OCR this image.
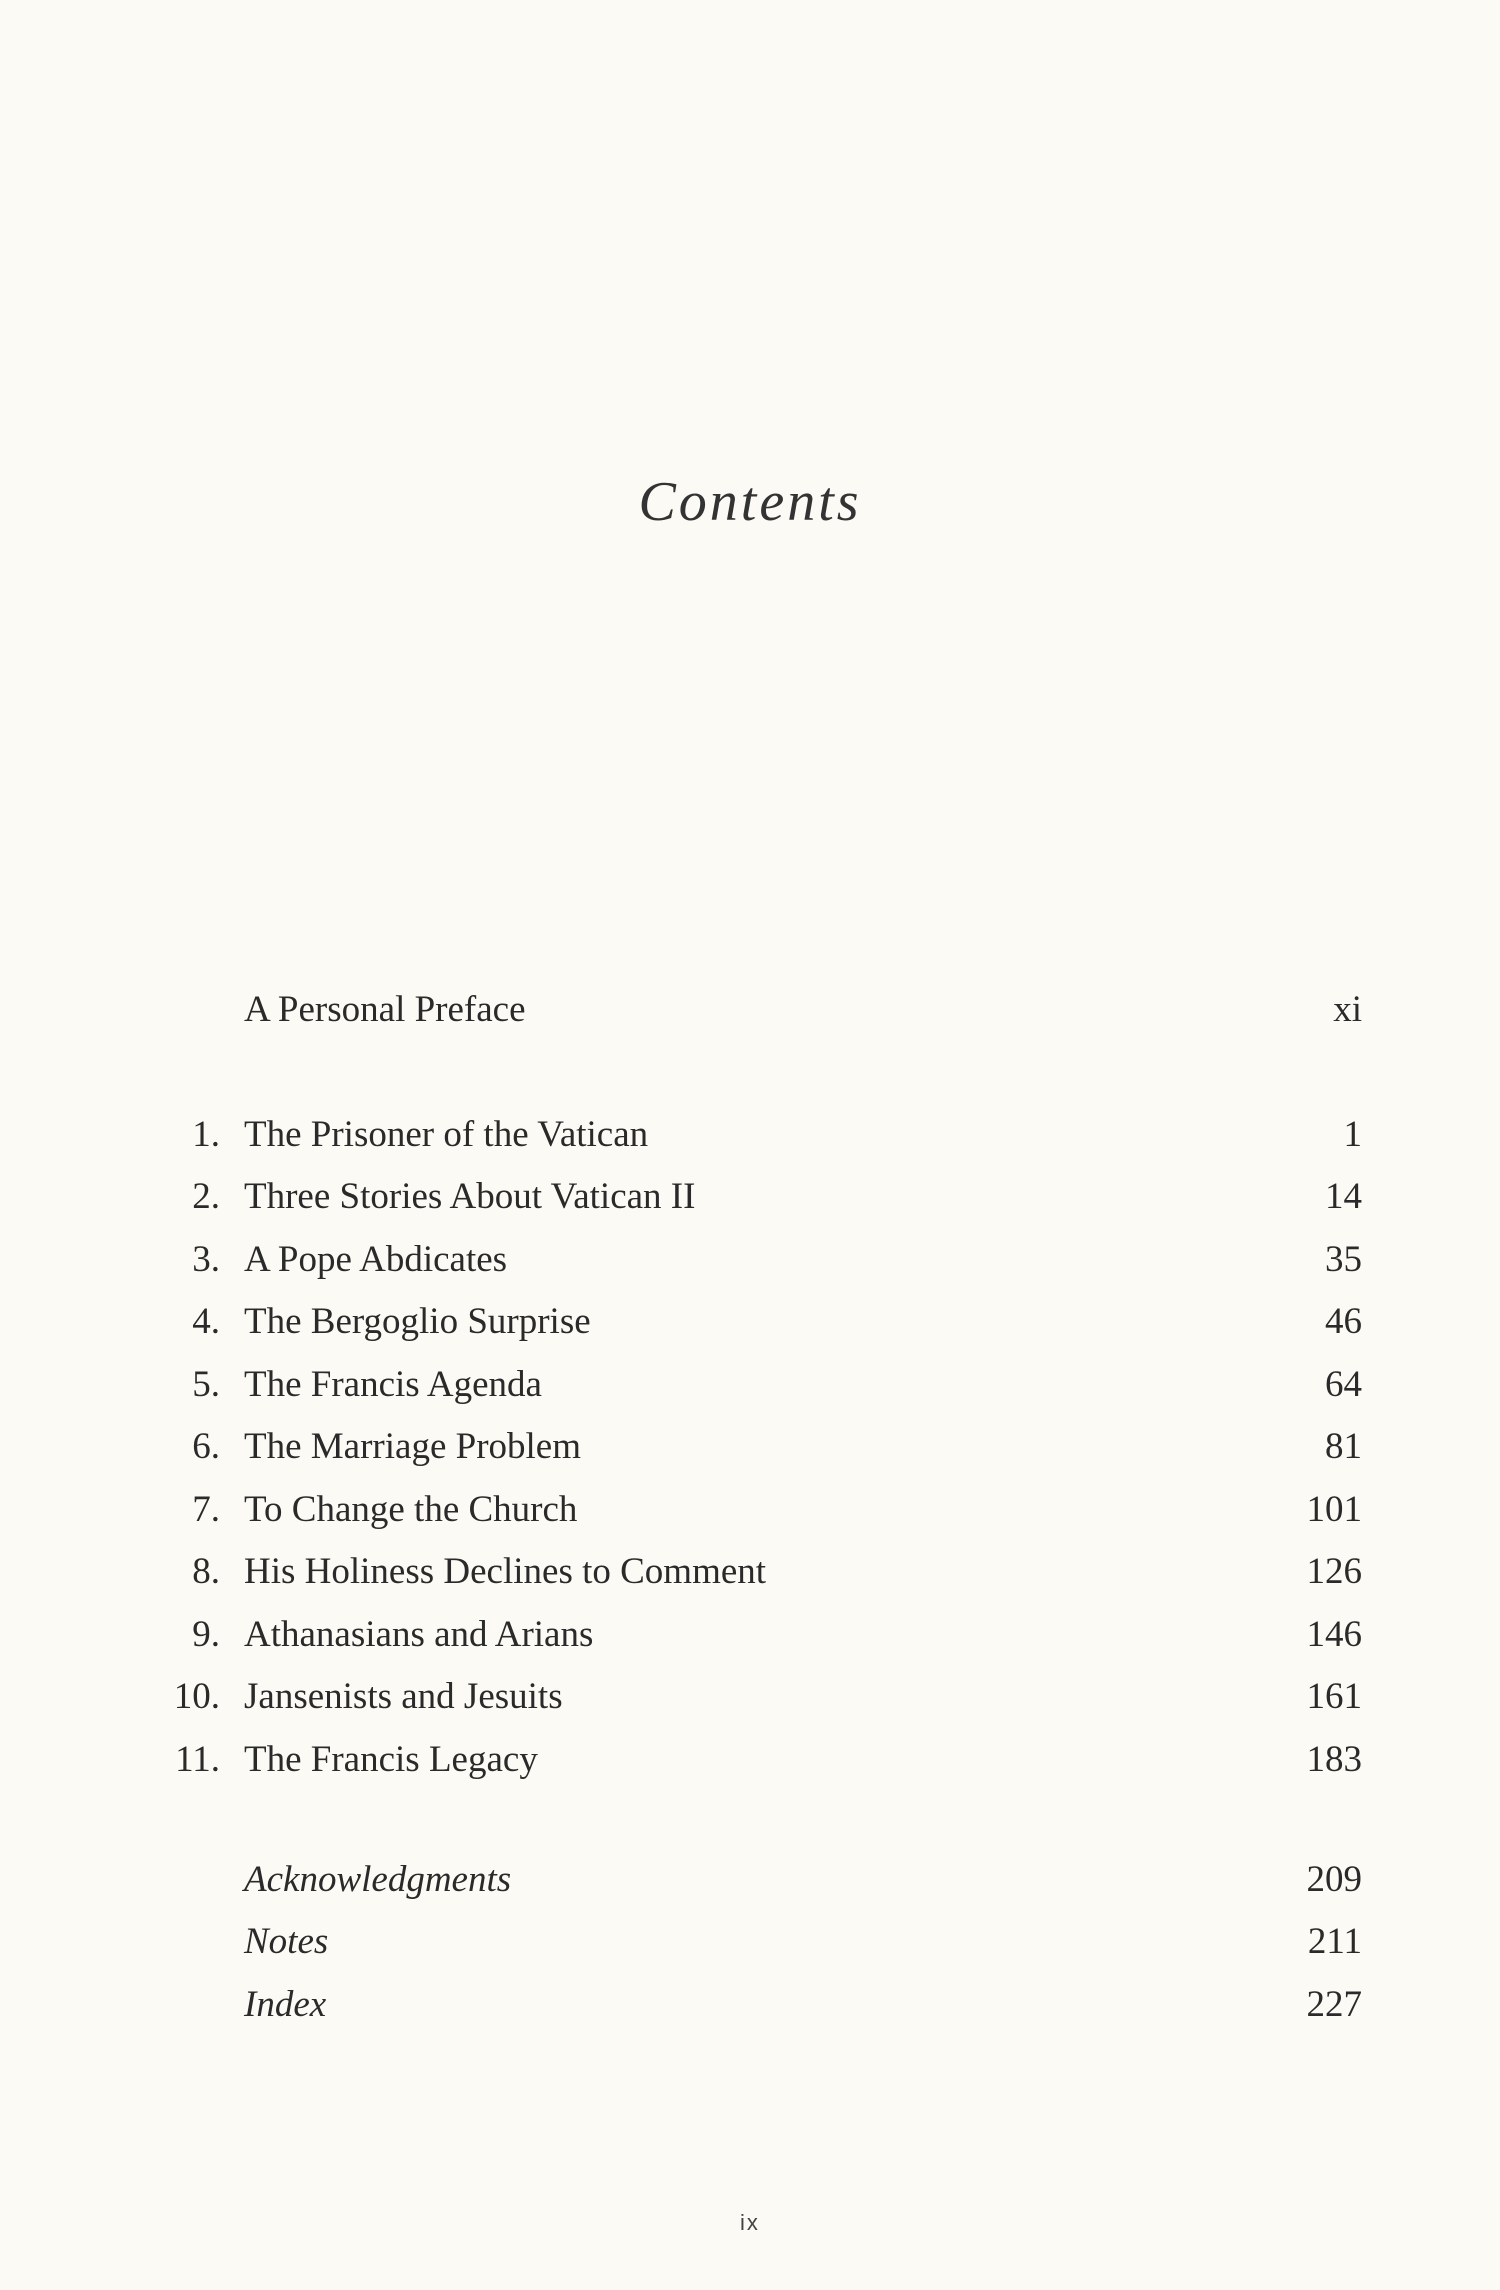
Contents
A Personal Preface	xi
1. The Prisoner of the Vatican	1
2. Three Stories About Vatican II	14
3. A Pope Abdicates	35
4. The Bergoglio Surprise	46
5. The Francis Agenda	64
6. The Marriage Problem	81
7. To Change the Church	101
8. His Holiness Declines to Comment	126
9. Athanasians and Arians	146
10. Jansenists and Jesuits	161
11. The Francis Legacy	183
Acknowledgments	209
Notes	211
Index	227
ix
